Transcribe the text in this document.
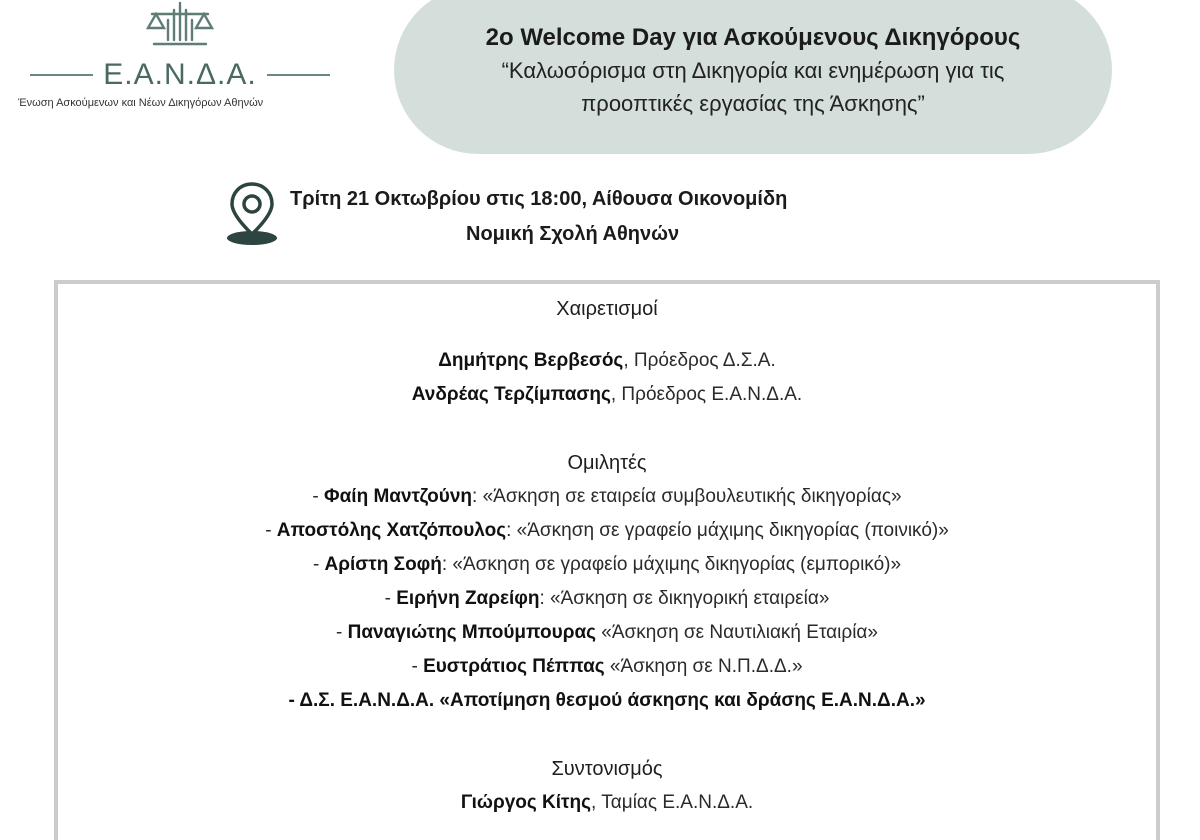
Ε.Α.Ν.Δ.Α.
Ένωση Ασκούμενων και Νέων Δικηγόρων Αθηνών
2ο Welcome Day για Ασκούμενους Δικηγόρους
“Καλωσόρισμα στη Δικηγορία και ενημέρωση για τις
προοπτικές εργασίας της Άσκησης”
Τρίτη 21 Οκτωβρίου στις 18:00, Αίθουσα Οικονομίδη
Νομική Σχολή Αθηνών
Χαιρετισμοί
Δημήτρης Βερβεσός, Πρόεδρος Δ.Σ.Α.
Ανδρέας Τερζίμπασης, Πρόεδρος Ε.Α.Ν.Δ.Α.
Ομιλητές
- Φαίη Μαντζούνη: «Άσκηση σε εταιρεία συμβουλευτικής δικηγορίας»
- Αποστόλης Χατζόπουλος: «Άσκηση σε γραφείο μάχιμης δικηγορίας (ποινικό)»
- Αρίστη Σοφή: «Άσκηση σε γραφείο μάχιμης δικηγορίας (εμπορικό)»
- Ειρήνη Ζαρείφη: «Άσκηση σε δικηγορική εταιρεία»
- Παναγιώτης Μπούμπουρας «Άσκηση σε Ναυτιλιακή Εταιρία»
- Ευστράτιος Πέππας «Άσκηση σε Ν.Π.Δ.Δ.»
- Δ.Σ. Ε.Α.Ν.Δ.Α. «Αποτίμηση θεσμού άσκησης και δράσης Ε.Α.Ν.Δ.Α.»
Συντονισμός
Γιώργος Κίτης, Ταμίας Ε.Α.Ν.Δ.Α.
